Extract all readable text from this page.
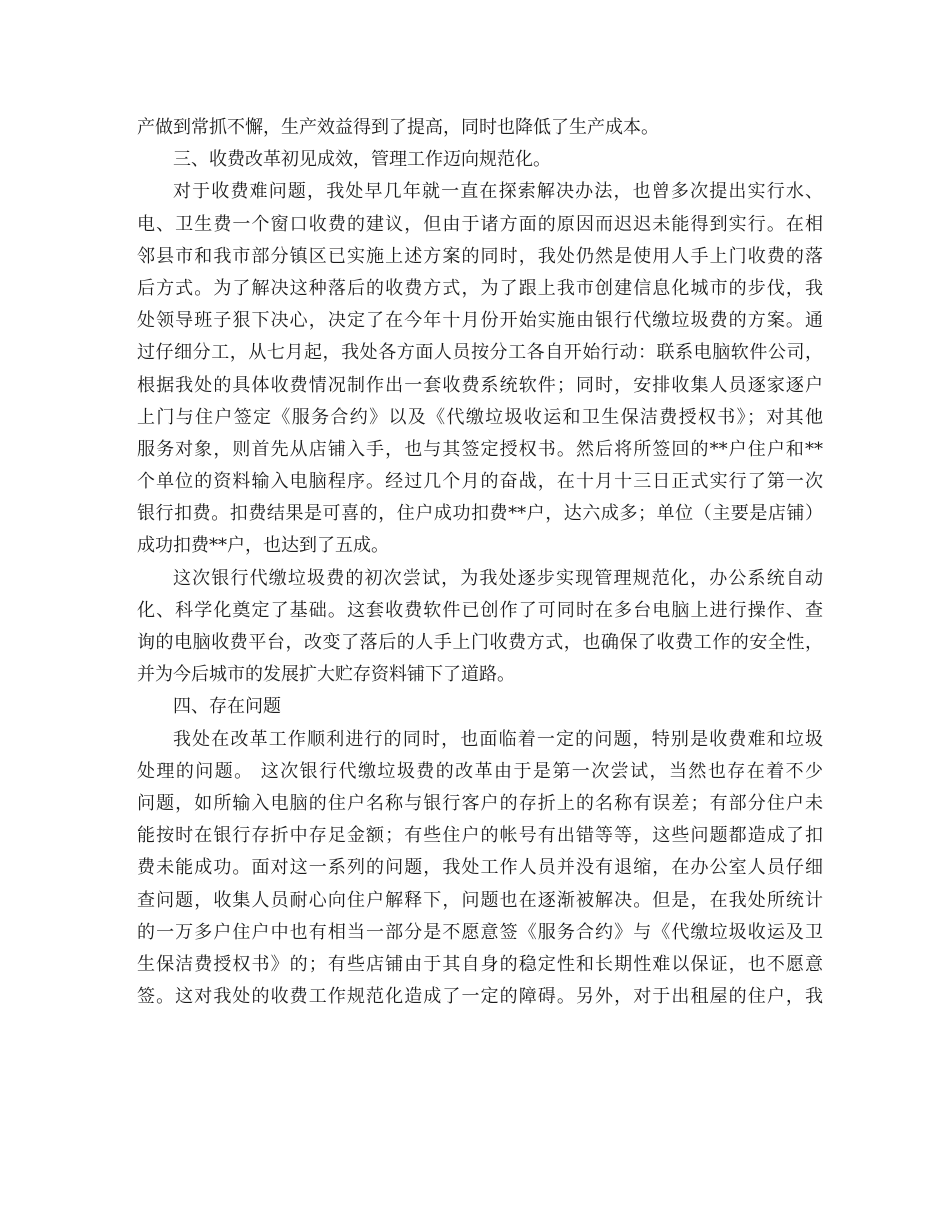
产做到常抓不懈，生产效益得到了提高，同时也降低了生产成本。
三、收费改革初见成效，管理工作迈向规范化。
对于收费难问题，我处早几年就一直在探索解决办法，也曾多次提出实行水、
电、卫生费一个窗口收费的建议，但由于诸方面的原因而迟迟未能得到实行。在相
邻县市和我市部分镇区已实施上述方案的同时，我处仍然是使用人手上门收费的落
后方式。为了解决这种落后的收费方式，为了跟上我市创建信息化城市的步伐，我
处领导班子狠下决心，决定了在今年十月份开始实施由银行代缴垃圾费的方案。通
过仔细分工，从七月起，我处各方面人员按分工各自开始行动：联系电脑软件公司，
根据我处的具体收费情况制作出一套收费系统软件；同时，安排收集人员逐家逐户
上门与住户签定《服务合约》以及《代缴垃圾收运和卫生保洁费授权书》；对其他
服务对象，则首先从店铺入手，也与其签定授权书。然后将所签回的**户住户和**
个单位的资料输入电脑程序。经过几个月的奋战，在十月十三日正式实行了第一次
银行扣费。扣费结果是可喜的，住户成功扣费**户，达六成多；单位（主要是店铺）
成功扣费**户，也达到了五成。
这次银行代缴垃圾费的初次尝试，为我处逐步实现管理规范化，办公系统自动
化、科学化奠定了基础。这套收费软件已创作了可同时在多台电脑上进行操作、查
询的电脑收费平台，改变了落后的人手上门收费方式，也确保了收费工作的安全性，
并为今后城市的发展扩大贮存资料铺下了道路。
四、存在问题
我处在改革工作顺利进行的同时，也面临着一定的问题，特别是收费难和垃圾
处理的问题。 这次银行代缴垃圾费的改革由于是第一次尝试，当然也存在着不少
问题，如所输入电脑的住户名称与银行客户的存折上的名称有误差；有部分住户未
能按时在银行存折中存足金额；有些住户的帐号有出错等等，这些问题都造成了扣
费未能成功。面对这一系列的问题，我处工作人员并没有退缩，在办公室人员仔细
查问题，收集人员耐心向住户解释下，问题也在逐渐被解决。但是，在我处所统计
的一万多户住户中也有相当一部分是不愿意签《服务合约》与《代缴垃圾收运及卫
生保洁费授权书》的；有些店铺由于其自身的稳定性和长期性难以保证，也不愿意
签。这对我处的收费工作规范化造成了一定的障碍。另外，对于出租屋的住户，我
